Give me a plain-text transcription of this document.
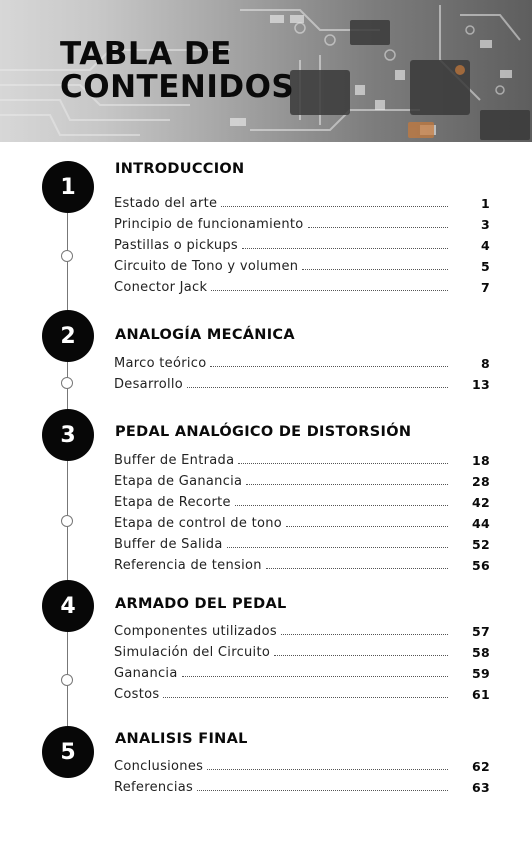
TABLA DE
CONTENIDOS
1
2
3
4
5
INTRODUCCION
Estado del arte	1
Principio de funcionamiento	3
Pastillas o pickups	4
Circuito de Tono y volumen	5
Conector Jack	7
ANALOGÍA MECÁNICA
Marco teórico	8
Desarrollo	13
PEDAL ANALÓGICO DE DISTORSIÓN
Buffer de Entrada	18
Etapa de Ganancia	28
Etapa de Recorte	42
Etapa de control de tono	44
Buffer de Salida	52
Referencia de tension	56
ARMADO DEL PEDAL
Componentes utilizados	57
Simulación del Circuito	58
Ganancia	59
Costos	61
ANALISIS FINAL
Conclusiones	62
Referencias	63
